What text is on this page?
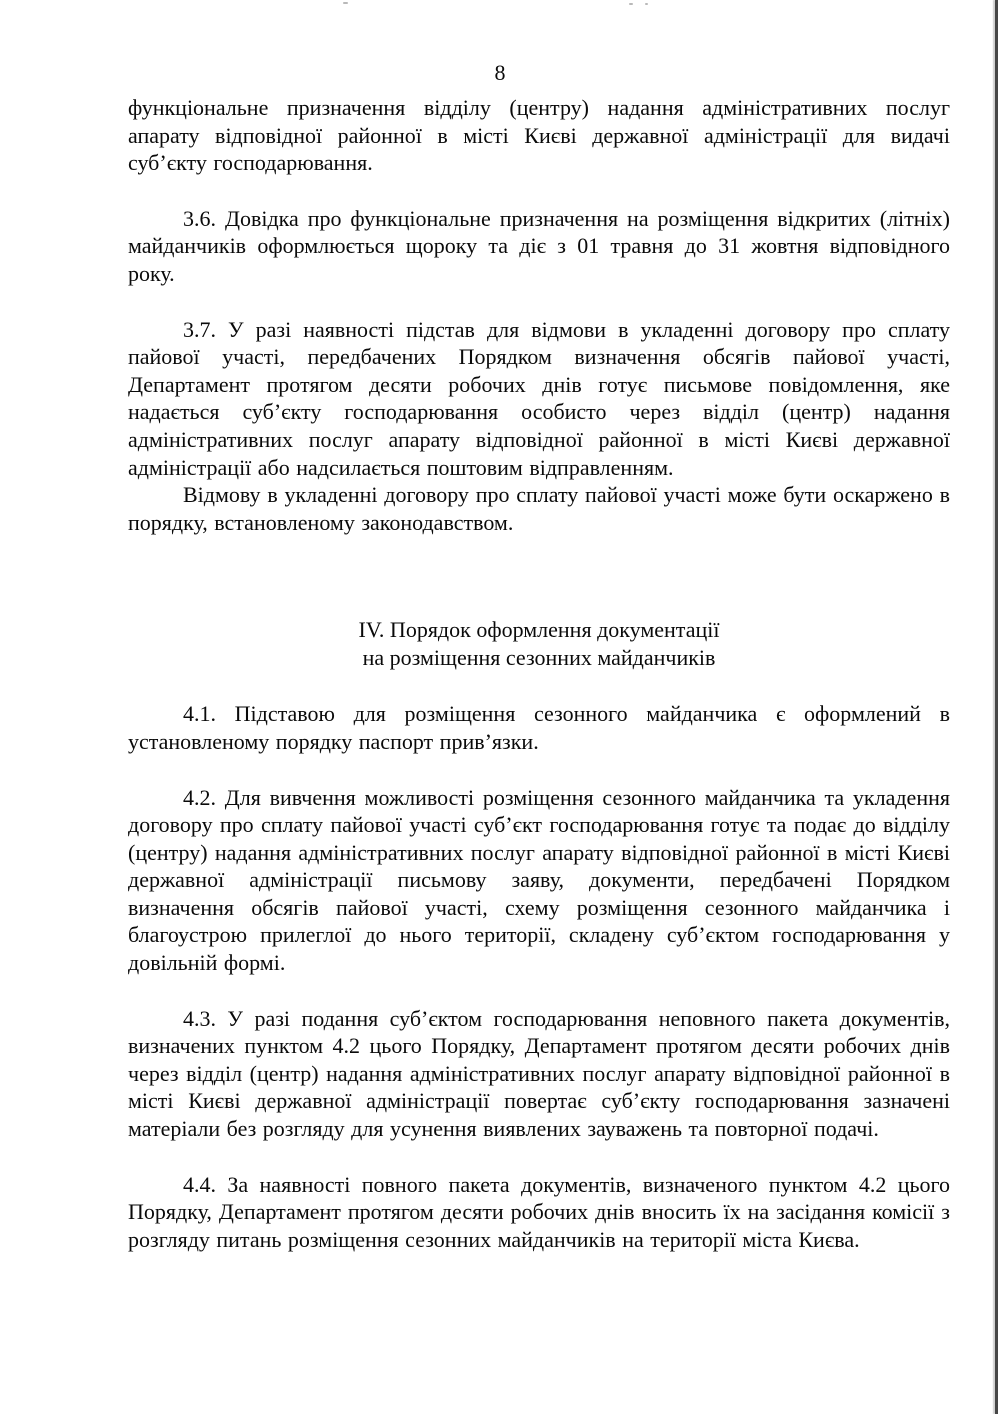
8

функціональне призначення відділу (центру) надання адміністративних послуг апарату відповідної районної в місті Києві державної адміністрації для видачі суб’єкту господарювання.

3.6. Довідка про функціональне призначення на розміщення відкритих (літніх) майданчиків оформлюється щороку та діє з 01 травня до 31 жовтня відповідного року.

3.7. У разі наявності підстав для відмови в укладенні договору про сплату пайової участі, передбачених Порядком визначення обсягів пайової участі, Департамент протягом десяти робочих днів готує письмове повідомлення, яке надається суб’єкту господарювання особисто через відділ (центр) надання адміністративних послуг апарату відповідної районної в місті Києві державної адміністрації або надсилається поштовим відправленням.

Відмову в укладенні договору про сплату пайової участі може бути оскаржено в порядку, встановленому законодавством.

IV. Порядок оформлення документації
на розміщення сезонних майданчиків

4.1. Підставою для розміщення сезонного майданчика є оформлений в установленому порядку паспорт прив’язки.

4.2. Для вивчення можливості розміщення сезонного майданчика та укладення договору про сплату пайової участі суб’єкт господарювання готує та подає до відділу (центру) надання адміністративних послуг апарату відповідної районної в місті Києві державної адміністрації письмову заяву, документи, передбачені Порядком визначення обсягів пайової участі, схему розміщення сезонного майданчика і благоустрою прилеглої до нього території, складену суб’єктом господарювання у довільній формі.

4.3. У разі подання суб’єктом господарювання неповного пакета документів, визначених пунктом 4.2 цього Порядку, Департамент протягом десяти робочих днів через відділ (центр) надання адміністративних послуг апарату відповідної районної в місті Києві державної адміністрації повертає суб’єкту господарювання зазначені матеріали без розгляду для усунення виявлених зауважень та повторної подачі.

4.4. За наявності повного пакета документів, визначеного пунктом 4.2 цього Порядку, Департамент протягом десяти робочих днів вносить їх на засідання комісії з розгляду питань розміщення сезонних майданчиків на території міста Києва.
